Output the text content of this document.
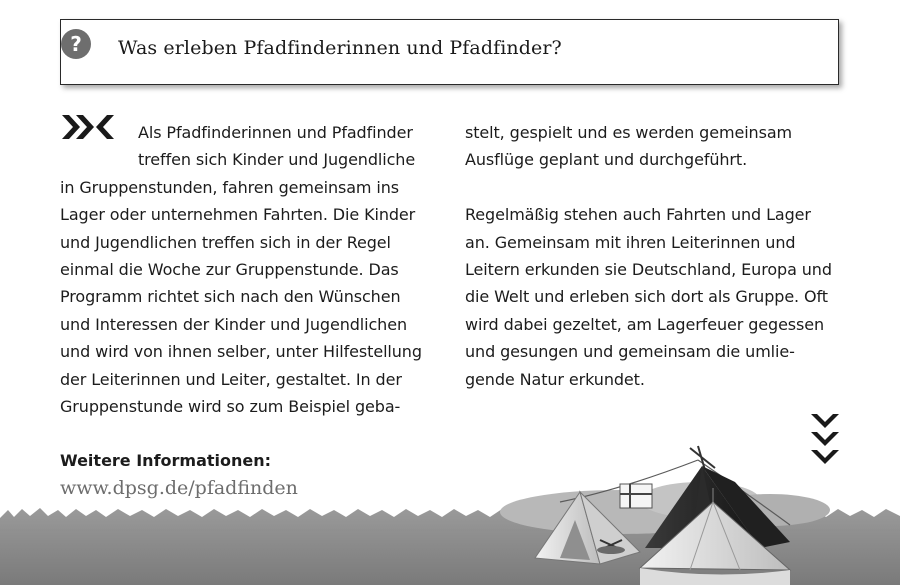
? Was erleben Pfadfinderinnen und Pfadfinder?
Als Pfadfinderinnen und Pfadfinder
treffen sich Kinder und Jugendliche
in Gruppenstunden, fahren gemeinsam ins
Lager oder unternehmen Fahrten. Die Kinder
und Jugendlichen treffen sich in der Regel
einmal die Woche zur Gruppenstunde. Das
Programm richtet sich nach den Wünschen
und Interessen der Kinder und Jugendlichen
und wird von ihnen selber, unter Hilfestellung
der Leiterinnen und Leiter, gestaltet. In der
Gruppenstunde wird so zum Beispiel geba-
stelt, gespielt und es werden gemeinsam
Ausflüge geplant und durchgeführt.
Regelmäßig stehen auch Fahrten und Lager
an. Gemeinsam mit ihren Leiterinnen und
Leitern erkunden sie Deutschland, Europa und
die Welt und erleben sich dort als Gruppe. Oft
wird dabei gezeltet, am Lagerfeuer gegessen
und gesungen und gemeinsam die umlie-
gende Natur erkundet.
Weitere Informationen:
www.dpsg.de/pfadfinden
